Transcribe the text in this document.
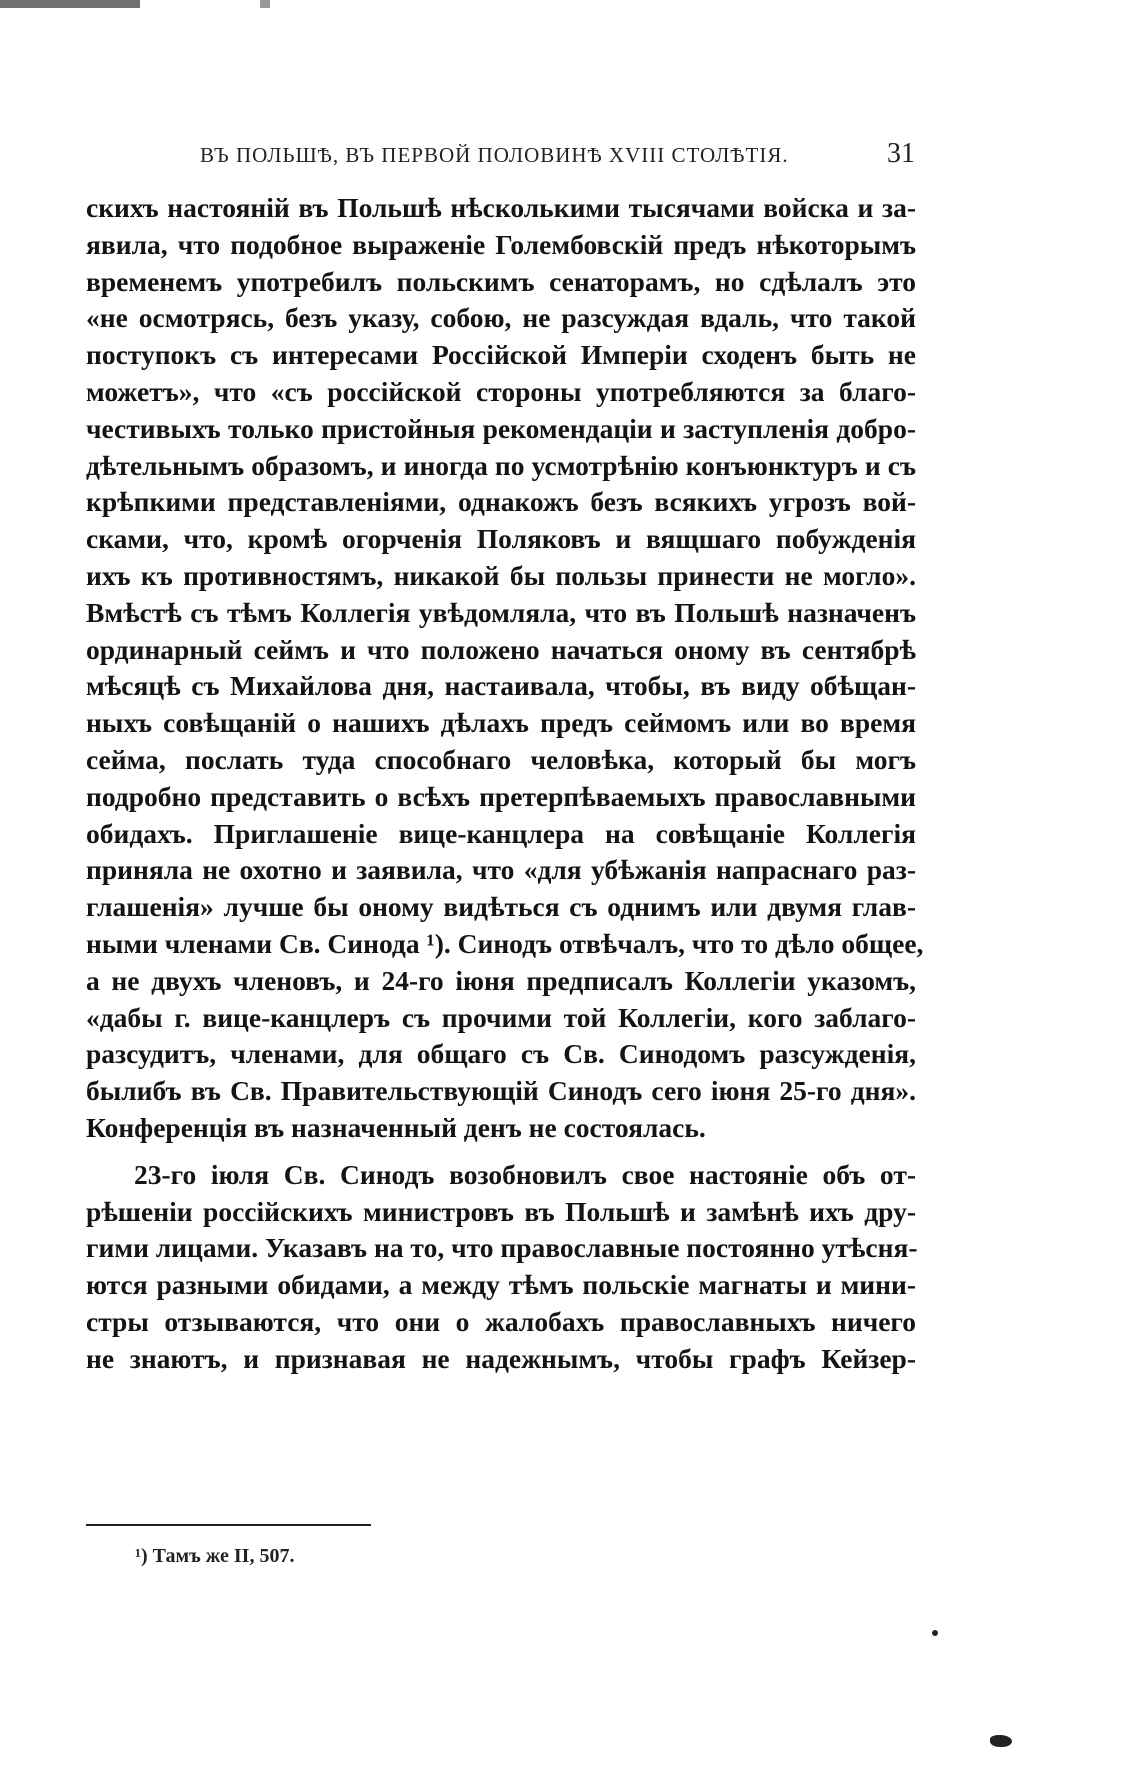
ВЪ ПОЛЬШѢ, ВЪ ПЕРВОЙ ПОЛОВИНѢ XVIII СТОЛѢТІЯ.	31
скихъ настояній въ Польшѣ нѣсколькими тысячами войска и за-
явила, что подобное выраженіе Голембовскій предъ нѣкоторымъ
временемъ употребилъ польскимъ сенаторамъ, но сдѣлалъ это
«не осмотрясь, безъ указу, собою, не разсуждая вдаль, что такой
поступокъ съ интересами Россійской Имперіи сходенъ быть не
можетъ», что «съ россійской стороны употребляются за благо-
честивыхъ только пристойныя рекомендаціи и заступленія добро-
дѣтельнымъ образомъ, и иногда по усмотрѣнію конъюнктуръ и съ
крѣпкими представленіями, однакожъ безъ всякихъ угрозъ вой-
сками, что, кромѣ огорченія Поляковъ и вящшаго побужденія
ихъ къ противностямъ, никакой бы пользы принести не могло».
Вмѣстѣ съ тѣмъ Коллегія увѣдомляла, что въ Польшѣ назначенъ
ординарный сеймъ и что положено начаться оному въ сентябрѣ
мѣсяцѣ съ Михайлова дня, настаивала, чтобы, въ виду обѣщан-
ныхъ совѣщаній о нашихъ дѣлахъ предъ сеймомъ или во время
сейма, послать туда способнаго человѣка, который бы могъ
подробно представить о всѣхъ претерпѣваемыхъ православными
обидахъ. Приглашеніе вице-канцлера на совѣщаніе Коллегія
приняла не охотно и заявила, что «для убѣжанія напраснаго раз-
глашенія» лучше бы оному видѣться съ однимъ или двумя глав-
ными членами Св. Синода ¹). Синодъ отвѣчалъ, что то дѣло общее,
а не двухъ членовъ, и 24-го іюня предписалъ Коллегіи указомъ,
«дабы г. вице-канцлеръ съ прочими той Коллегіи, кого заблаго-
разсудитъ, членами, для общаго съ Св. Синодомъ разсужденія,
былибъ въ Св. Правительствующій Синодъ сего іюня 25-го дня».
Конференція въ назначенный денъ не состоялась.
23-го іюля Св. Синодъ возобновилъ свое настояніе объ от-
рѣшеніи россійскихъ министровъ въ Польшѣ и замѣнѣ ихъ дру-
гими лицами. Указавъ на то, что православные постоянно утѣсня-
ются разными обидами, а между тѣмъ польскіе магнаты и мини-
стры отзываются, что они о жалобахъ православныхъ ничего
не знаютъ, и признавая не надежнымъ, чтобы графъ Кейзер-
¹) Тамъ же II, 507.
